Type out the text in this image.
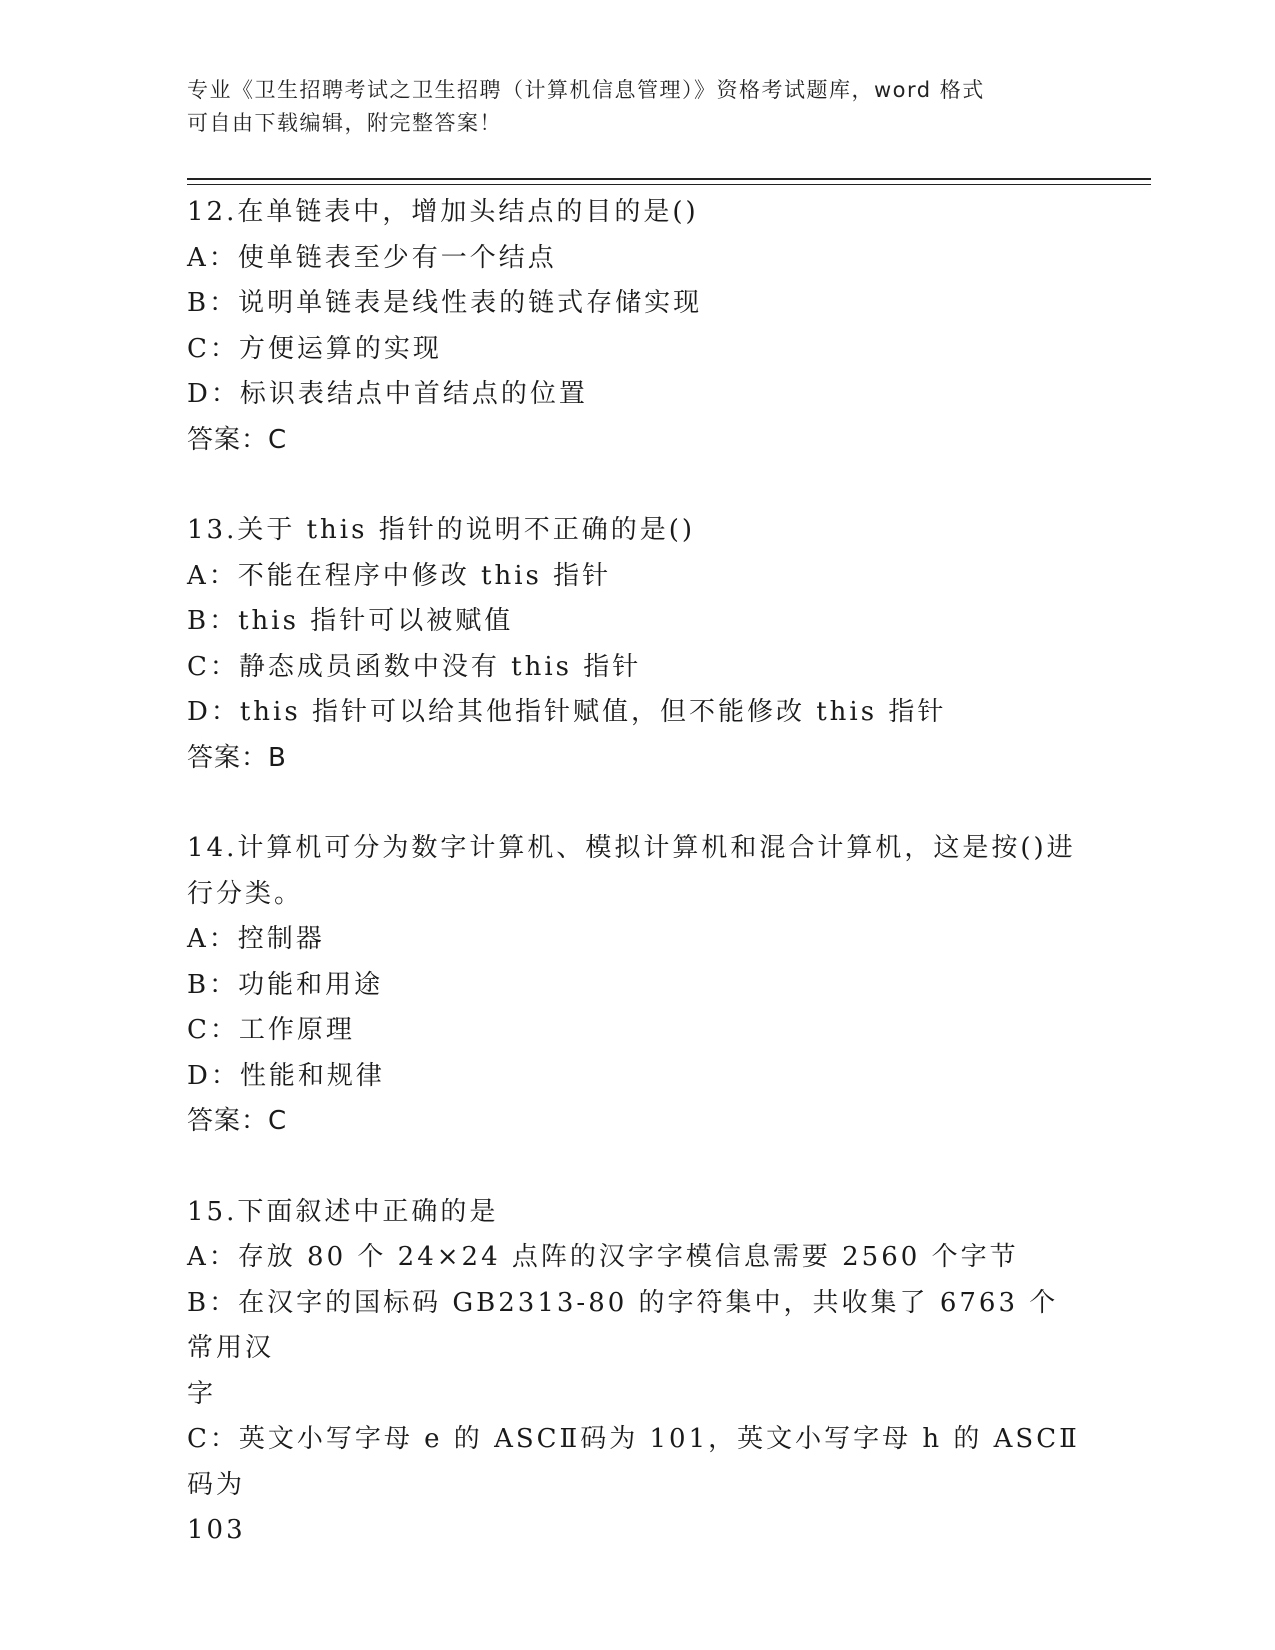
专业《卫生招聘考试之卫生招聘（计算机信息管理）》资格考试题库，word 格式
可自由下载编辑，附完整答案！
12.在单链表中，增加头结点的目的是()
A：使单链表至少有一个结点
B：说明单链表是线性表的链式存储实现
C：方便运算的实现
D：标识表结点中首结点的位置
答案：C
13.关于 this 指针的说明不正确的是()
A：不能在程序中修改 this 指针
B：this 指针可以被赋值
C：静态成员函数中没有 this 指针
D：this 指针可以给其他指针赋值，但不能修改 this 指针
答案：B
14.计算机可分为数字计算机、模拟计算机和混合计算机，这是按()进
行分类。
A：控制器
B：功能和用途
C：工作原理
D：性能和规律
答案：C
15.下面叙述中正确的是
A：存放 80 个 24×24 点阵的汉字字模信息需要 2560 个字节
B：在汉字的国标码 GB2313-80 的字符集中，共收集了 6763 个常用汉
字
C：英文小写字母 e 的 ASCⅡ码为 101，英文小写字母 h 的 ASCⅡ码为
103
